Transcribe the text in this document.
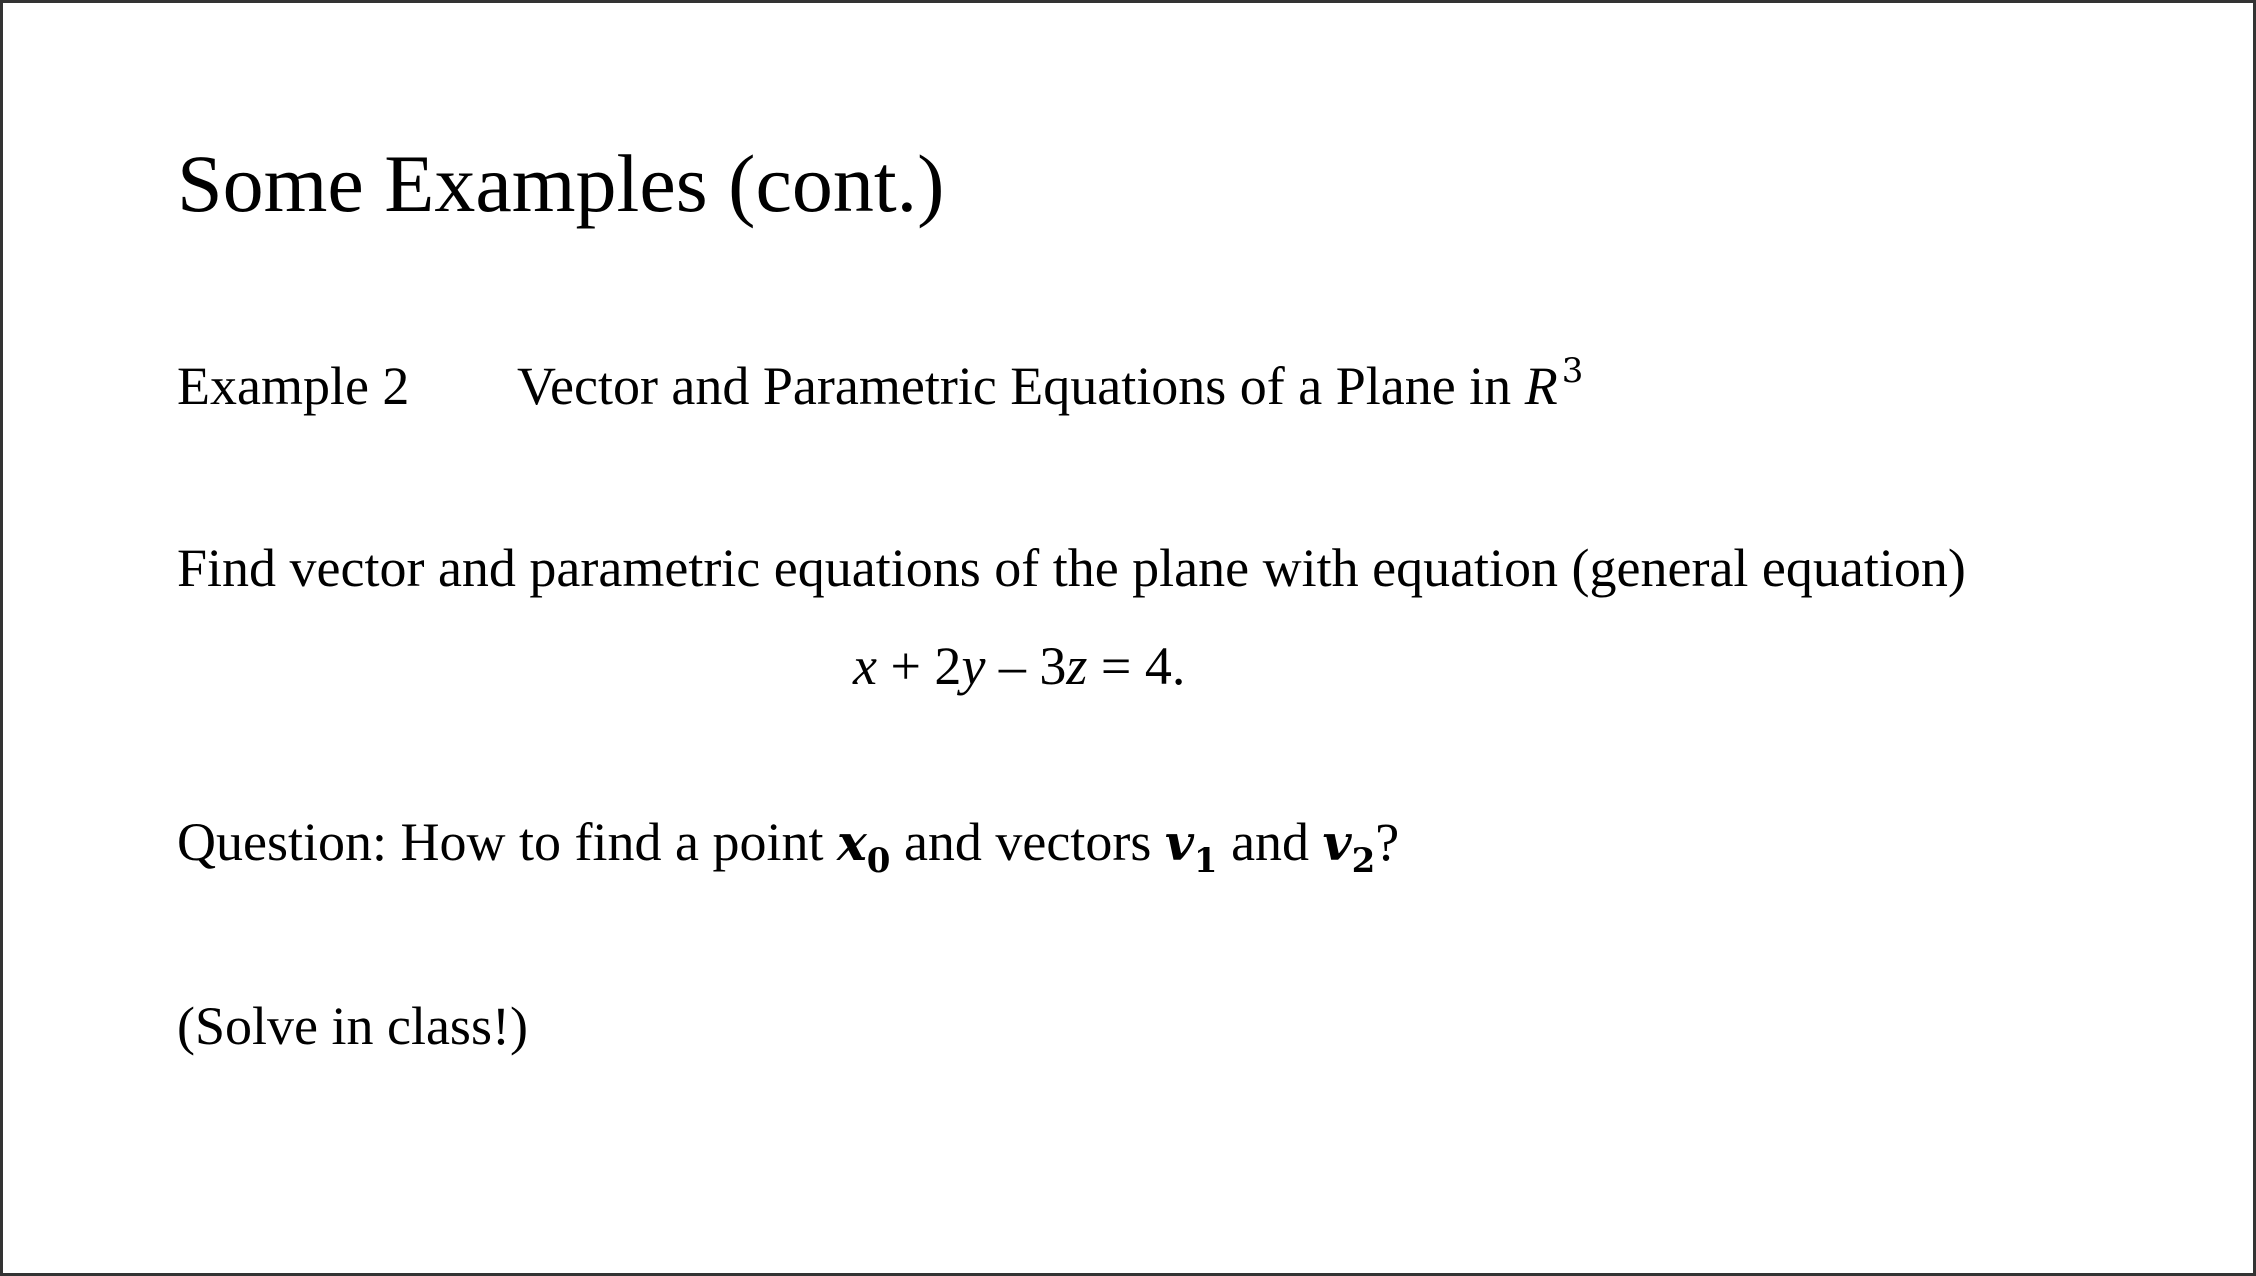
Some Examples (cont.)
Example 2 Vector and Parametric Equations of a Plane in R $^3$
Find vector and parametric equations of the plane with equation (general equation)
x + 2y – 3z = 4.
Question: How to find a point $x_0$ and vectors $v_1$ and $v_2$?
(Solve in class!)
